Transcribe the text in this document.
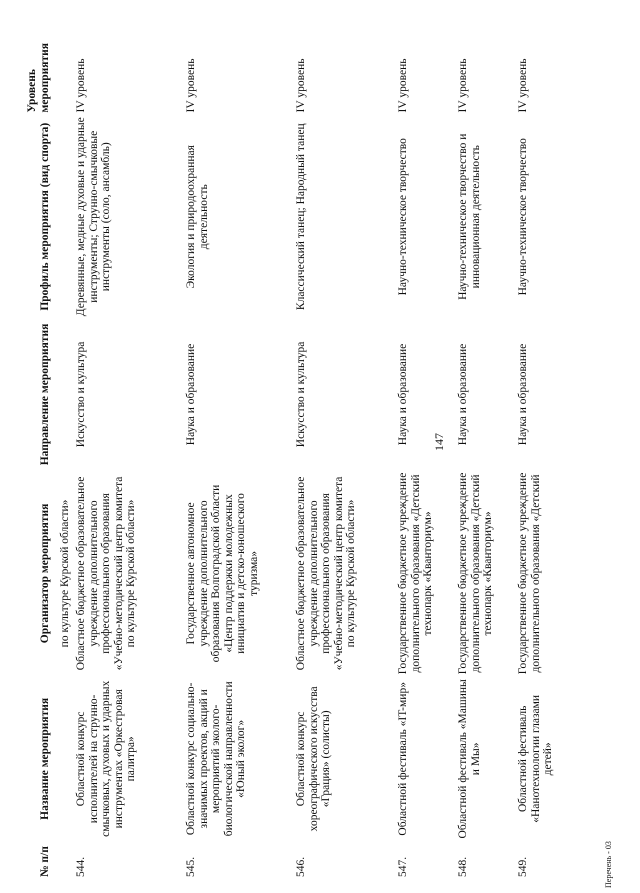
147
№ п/п	Название мероприятия	Организатор мероприятия	Направление мероприятия	Профиль мероприятия (вид спорта)	Уровень мероприятия
		по культуре Курской области»			
544.	Областной конкурс исполнителей на струнно-смычковых, духовых и ударных инструментах «Оркестровая палитра»	Областное бюджетное образовательное учреждение дополнительного профессионального образования «Учебно-методический центр комитета по культуре Курской области»	Искусство и культура	Деревянные, медные духовые и ударные инструменты; Струнно-смычковые инструменты (соло, ансамбль)	IV уровень
545.	Областной конкурс социально-значимых проектов, акций и мероприятий эколого-биологической направленности «Юный эколог»	Государственное автономное учреждение дополнительного образования Волгоградской области «Центр поддержки молодежных инициатив и детско-юношеского туризма»	Наука и образование	Экология и природоохранная деятельность	IV уровень
546.	Областной конкурс хореографического искусства «Грация» (солисты)	Областное бюджетное образовательное учреждение дополнительного профессионального образования «Учебно-методический центр комитета по культуре Курской области»	Искусство и культура	Классический танец; Народный танец	IV уровень
547.	Областной фестиваль «IT-мир»	Государственное бюджетное учреждение дополнительного образования «Детский технопарк «Кванториум»	Наука и образование	Научно-техническое творчество	IV уровень
548.	Областной фестиваль «Машины и Мы»	Государственное бюджетное учреждение дополнительного образования «Детский технопарк «Кванториум»	Наука и образование	Научно-техническое творчество и инновационная деятельность	IV уровень
549.	Областной фестиваль «Нанотехнологии глазами детей»	Государственное бюджетное учреждение дополнительного образования «Детский	Наука и образование	Научно-техническое творчество	IV уровень
Перечень - 03
